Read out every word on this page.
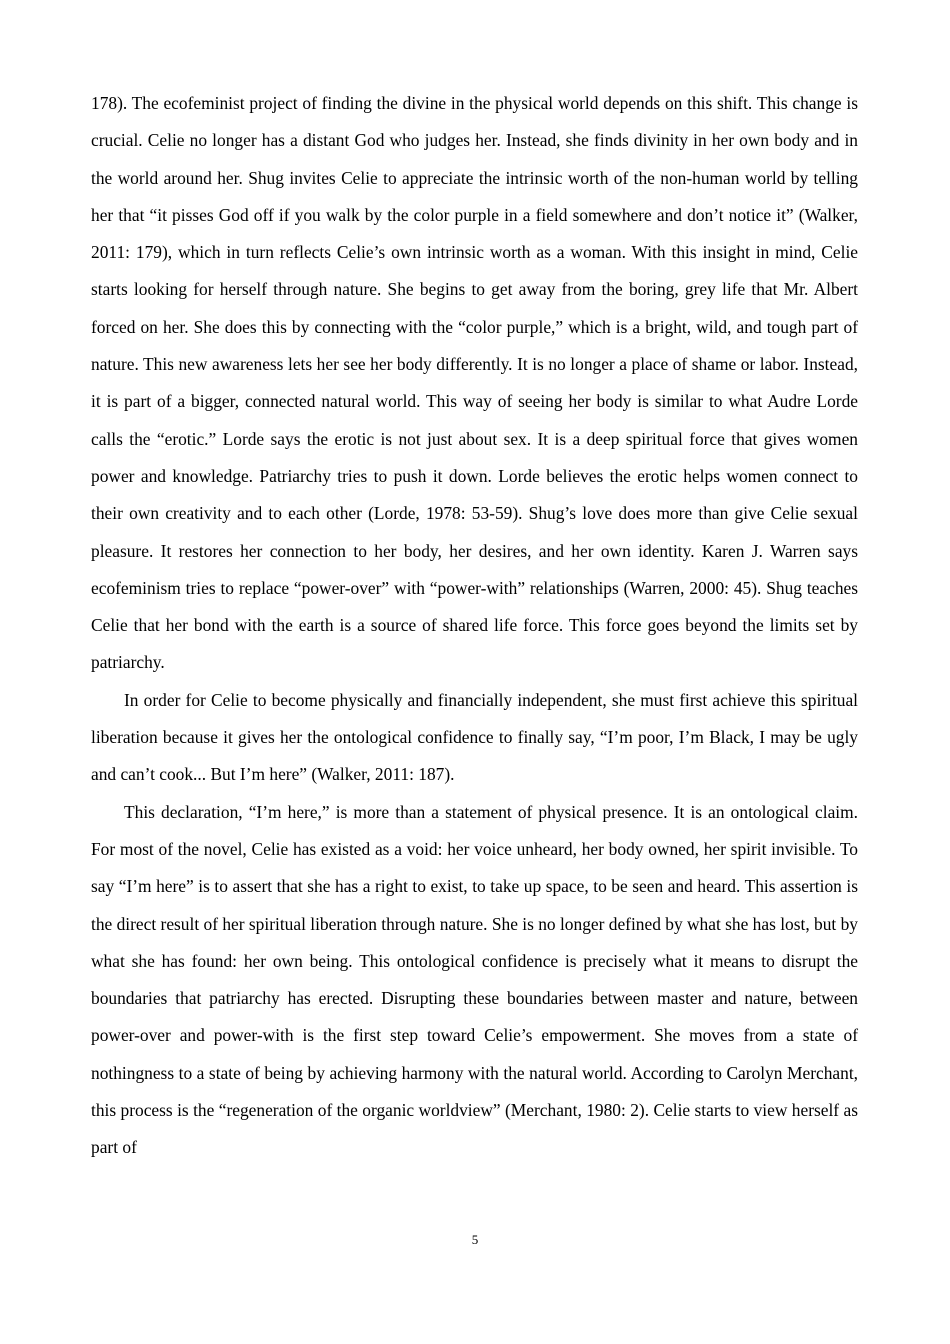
178). The ecofeminist project of finding the divine in the physical world depends on this shift. This change is crucial. Celie no longer has a distant God who judges her. Instead, she finds divinity in her own body and in the world around her. Shug invites Celie to appreciate the intrinsic worth of the non-human world by telling her that “it pisses God off if you walk by the color purple in a field somewhere and don’t notice it” (Walker, 2011: 179), which in turn reflects Celie’s own intrinsic worth as a woman. With this insight in mind, Celie starts looking for herself through nature. She begins to get away from the boring, grey life that Mr. Albert forced on her. She does this by connecting with the “color purple,” which is a bright, wild, and tough part of nature. This new awareness lets her see her body differently. It is no longer a place of shame or labor. Instead, it is part of a bigger, connected natural world. This way of seeing her body is similar to what Audre Lorde calls the “erotic.” Lorde says the erotic is not just about sex. It is a deep spiritual force that gives women power and knowledge. Patriarchy tries to push it down. Lorde believes the erotic helps women connect to their own creativity and to each other (Lorde, 1978: 53-59). Shug’s love does more than give Celie sexual pleasure. It restores her connection to her body, her desires, and her own identity. Karen J. Warren says ecofeminism tries to replace “power-over” with “power-with” relationships (Warren, 2000: 45). Shug teaches Celie that her bond with the earth is a source of shared life force. This force goes beyond the limits set by patriarchy.

In order for Celie to become physically and financially independent, she must first achieve this spiritual liberation because it gives her the ontological confidence to finally say, “I’m poor, I’m Black, I may be ugly and can’t cook... But I’m here” (Walker, 2011: 187).

This declaration, “I’m here,” is more than a statement of physical presence. It is an ontological claim. For most of the novel, Celie has existed as a void: her voice unheard, her body owned, her spirit invisible. To say “I’m here” is to assert that she has a right to exist, to take up space, to be seen and heard. This assertion is the direct result of her spiritual liberation through nature. She is no longer defined by what she has lost, but by what she has found: her own being. This ontological confidence is precisely what it means to disrupt the boundaries that patriarchy has erected. Disrupting these boundaries between master and nature, between power-over and power-with is the first step toward Celie’s empowerment. She moves from a state of nothingness to a state of being by achieving harmony with the natural world. According to Carolyn Merchant, this process is the “regeneration of the organic worldview” (Merchant, 1980: 2). Celie starts to view herself as part of

5
